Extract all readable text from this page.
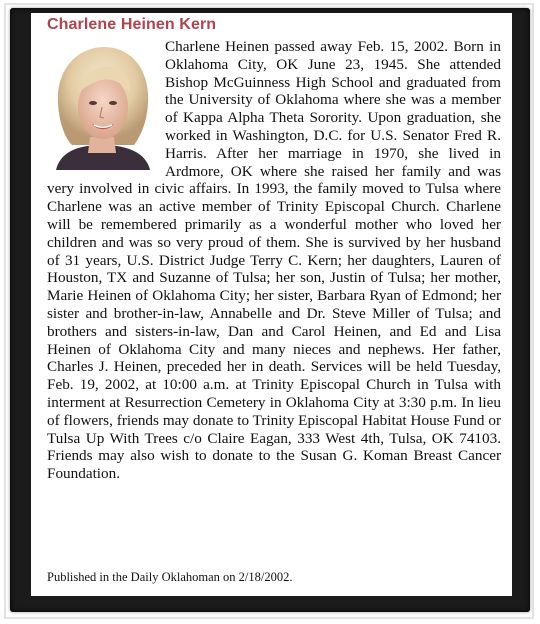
Charlene Heinen Kern
Charlene Heinen passed away Feb. 15, 2002. Born in Oklahoma City, OK June 23, 1945. She attended Bishop McGuinness High School and graduated from the University of Oklahoma where she was a member of Kappa Alpha Theta Sorority. Upon graduation, she worked in Washington, D.C. for U.S. Senator Fred R. Harris. After her marriage in 1970, she lived in Ardmore, OK where she raised her family and was very involved in civic affairs. In 1993, the family moved to Tulsa where Charlene was an active member of Trinity Episcopal Church. Charlene will be remembered primarily as a wonderful mother who loved her children and was so very proud of them. She is survived by her husband of 31 years, U.S. District Judge Terry C. Kern; her daughters, Lauren of Houston, TX and Suzanne of Tulsa; her son, Justin of Tulsa; her mother, Marie Heinen of Oklahoma City; her sister, Barbara Ryan of Edmond; her sister and brother-in-law, Annabelle and Dr. Steve Miller of Tulsa; and brothers and sisters-in-law, Dan and Carol Heinen, and Ed and Lisa Heinen of Oklahoma City and many nieces and nephews. Her father, Charles J. Heinen, preceded her in death. Services will be held Tuesday, Feb. 19, 2002, at 10:00 a.m. at Trinity Episcopal Church in Tulsa with interment at Resurrection Cemetery in Oklahoma City at 3:30 p.m. In lieu of flowers, friends may donate to Trinity Episcopal Habitat House Fund or Tulsa Up With Trees c/o Claire Eagan, 333 West 4th, Tulsa, OK 74103. Friends may also wish to donate to the Susan G. Koman Breast Cancer Foundation.
Published in the Daily Oklahoman on 2/18/2002.
